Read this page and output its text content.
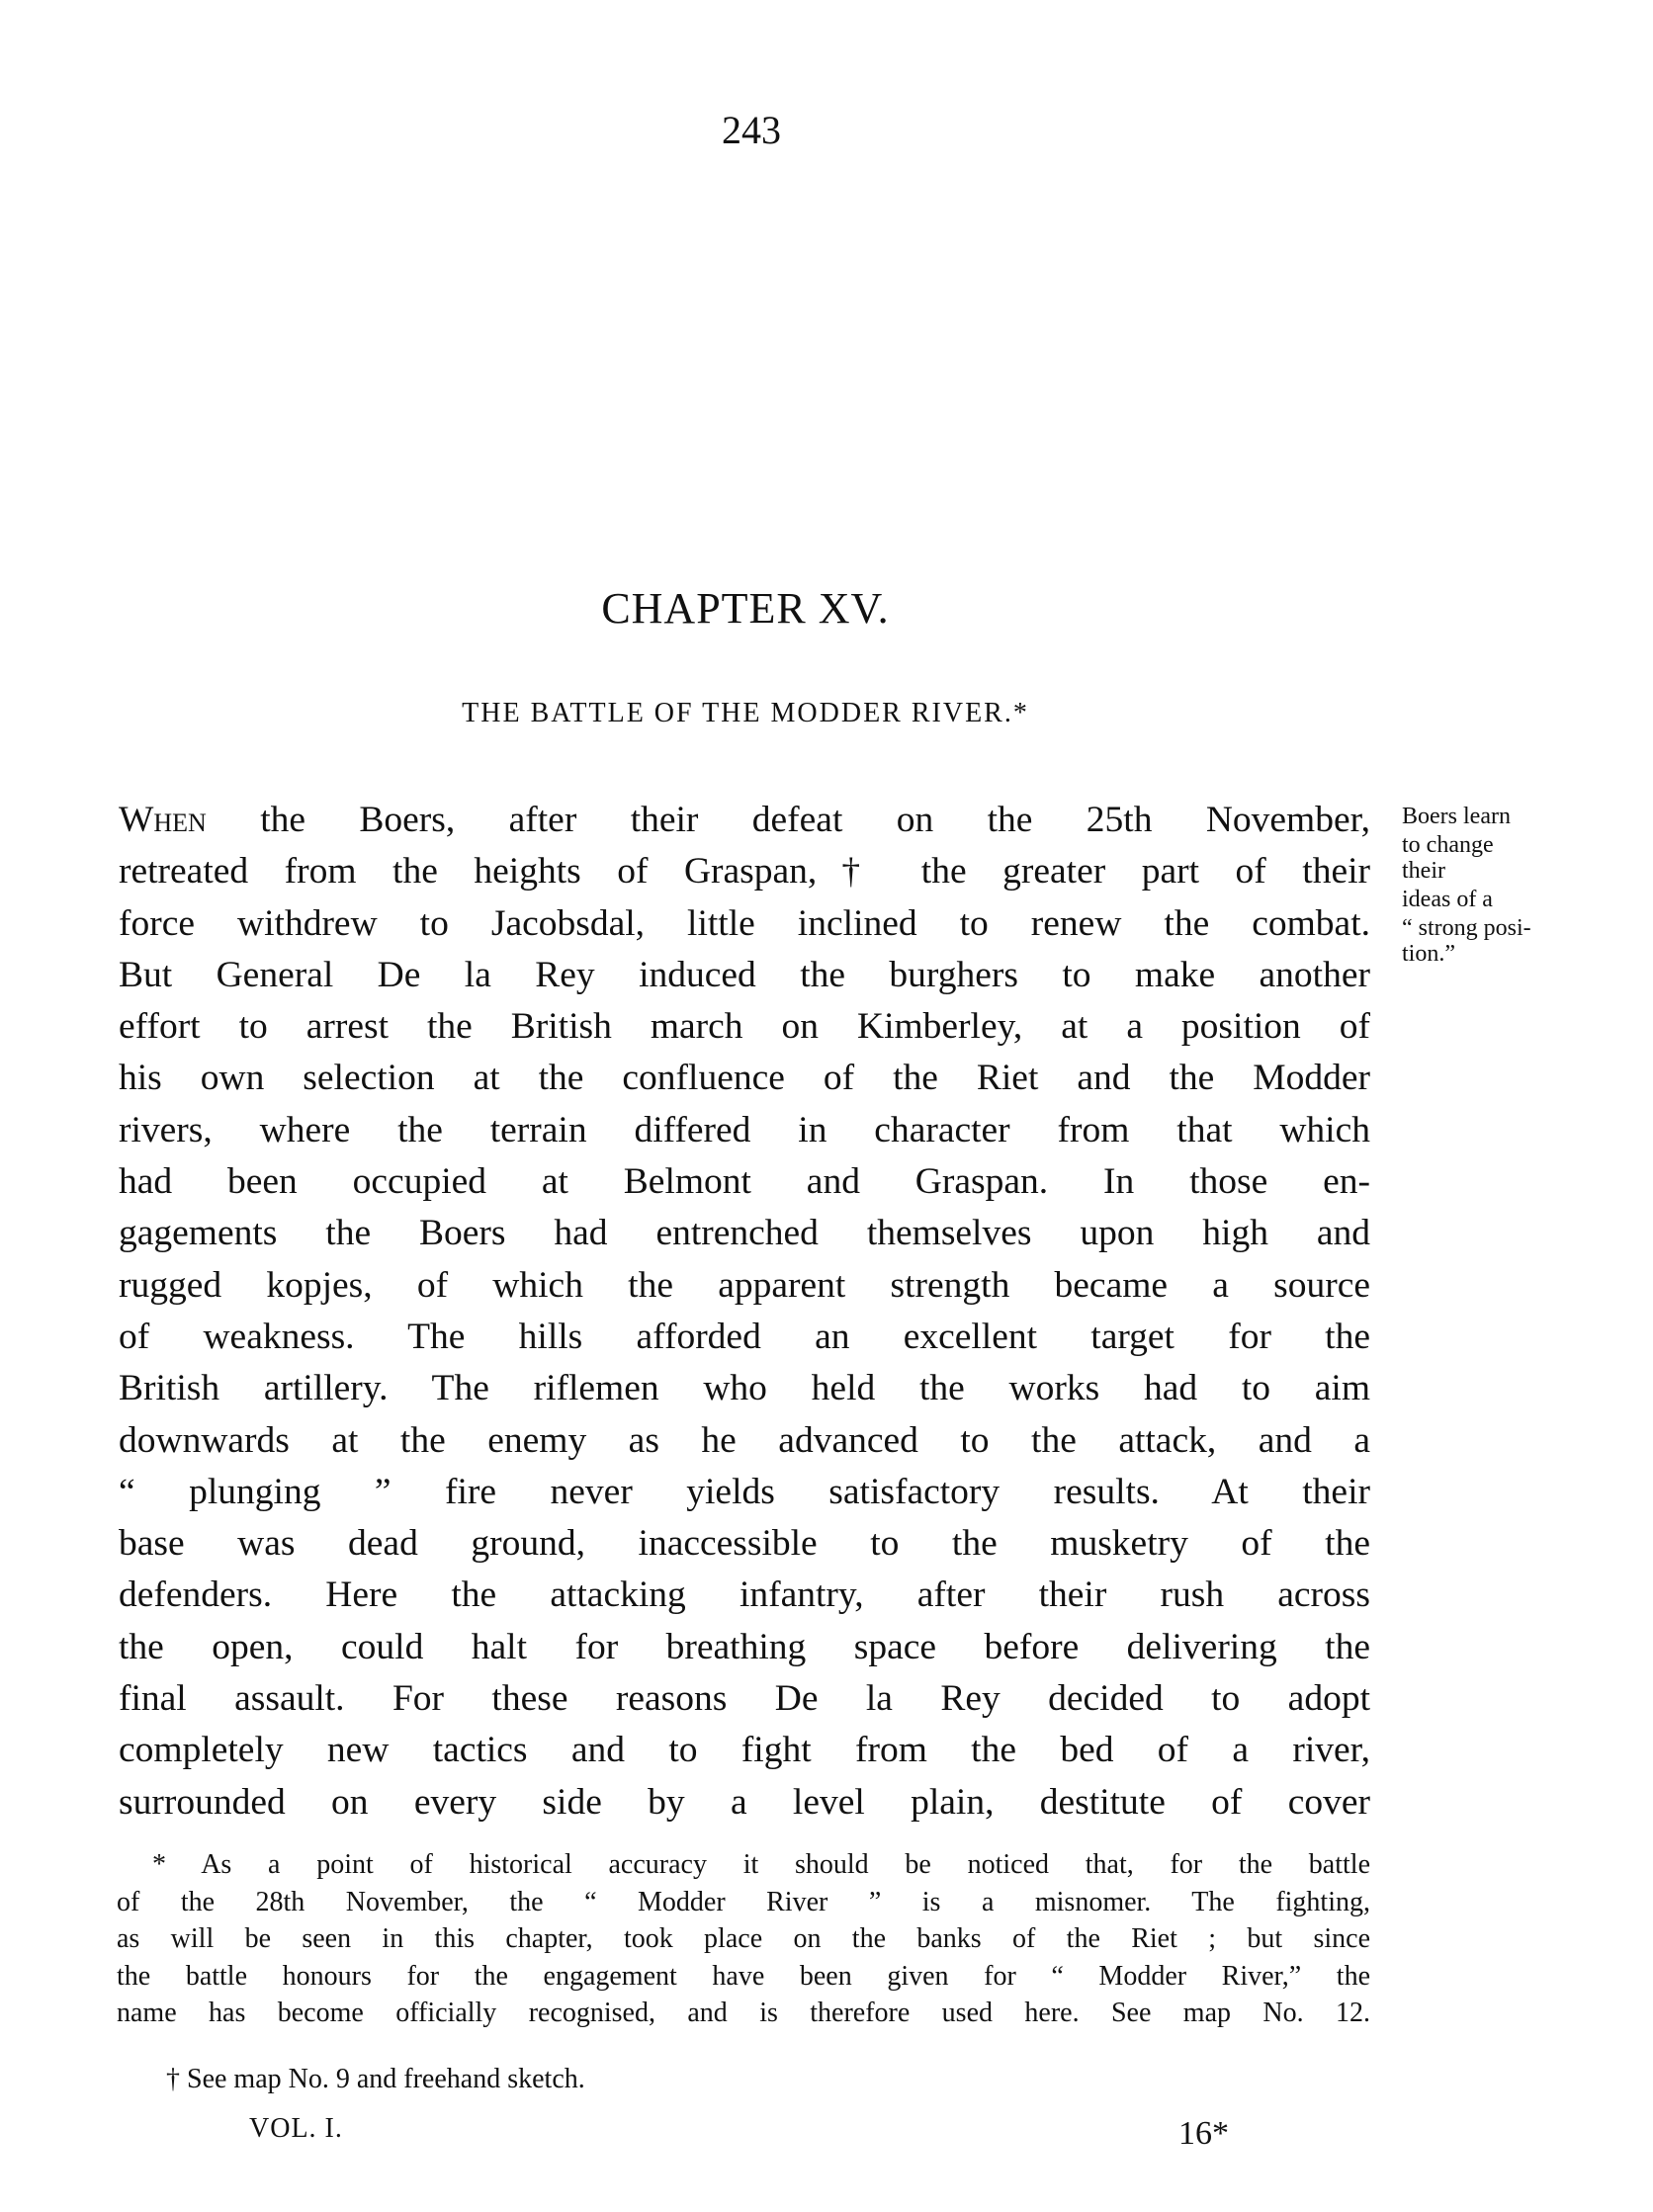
243
CHAPTER XV.
THE BATTLE OF THE MODDER RIVER.*
When the Boers, after their defeat on the 25th November,
retreated from the heights of Graspan,† the greater part of their
force withdrew to Jacobsdal, little inclined to renew the combat.
But General De la Rey induced the burghers to make another
effort to arrest the British march on Kimberley, at a position of
his own selection at the confluence of the Riet and the Modder
rivers, where the terrain differed in character from that which
had been occupied at Belmont and Graspan. In those en-
gagements the Boers had entrenched themselves upon high and
rugged kopjes, of which the apparent strength became a source
of weakness. The hills afforded an excellent target for the
British artillery. The riflemen who held the works had to aim
downwards at the enemy as he advanced to the attack, and a
“ plunging ” fire never yields satisfactory results. At their
base was dead ground, inaccessible to the musketry of the
defenders. Here the attacking infantry, after their rush across
the open, could halt for breathing space before delivering the
final assault. For these reasons De la Rey decided to adopt
completely new tactics and to fight from the bed of a river,
surrounded on every side by a level plain, destitute of cover
Boers learn
to change
their
ideas of a
“ strong posi-
tion.”
* As a point of historical accuracy it should be noticed that, for the battle
of the 28th November, the “ Modder River ” is a misnomer. The fighting,
as will be seen in this chapter, took place on the banks of the Riet ; but since
the battle honours for the engagement have been given for “ Modder River,” the
name has become officially recognised, and is therefore used here. See map No. 12.
† See map No. 9 and freehand sketch.
VOL. I.	16*
